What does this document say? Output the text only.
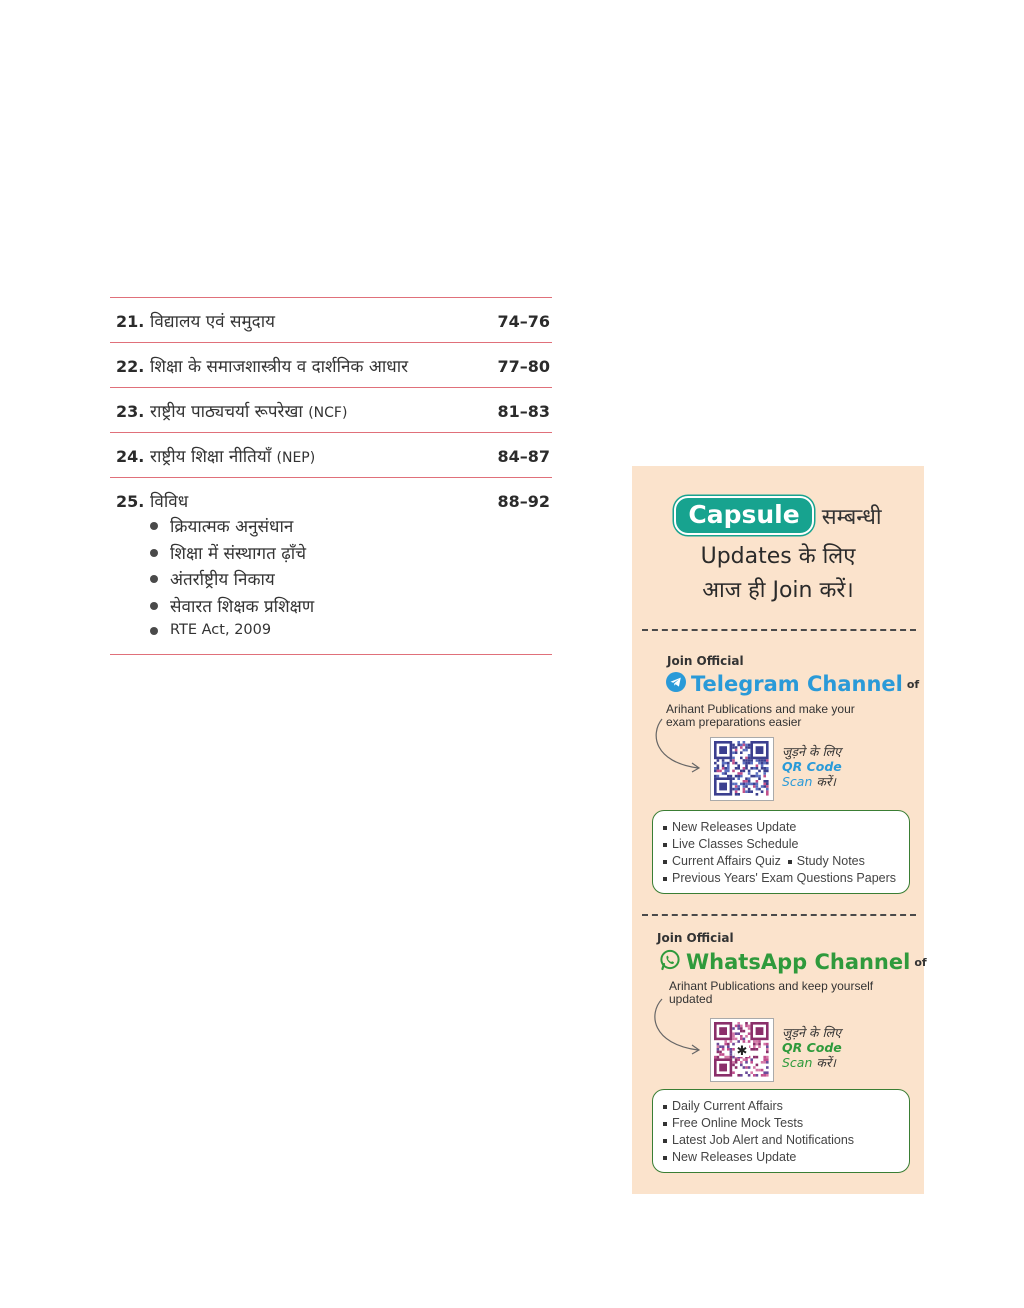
21. विद्यालय एवं समुदाय	74–76
22. शिक्षा के समाजशास्त्रीय व दार्शनिक आधार	77–80
23. राष्ट्रीय पाठ्यचर्या रूपरेखा (NCF)	81–83
24. राष्ट्रीय शिक्षा नीतियाँ (NEP)	84–87
25. विविध	88–92
क्रियात्मक अनुसंधान
शिक्षा में संस्थागत ढ़ाँचे
अंतर्राष्ट्रीय निकाय
सेवारत शिक्षक प्रशिक्षण
RTE Act, 2009
Capsule सम्बन्धी
Updates के लिए
आज ही Join करें।
Join Official
Telegram Channel of
Arihant Publications and make your exam preparations easier
जुड़ने के लिए
QR Code
Scan करें।
New Releases Update
Live Classes Schedule
Current Affairs Quiz Study Notes
Previous Years' Exam Questions Papers
Join Official
WhatsApp Channel of
Arihant Publications and keep yourself updated
✱
जुड़ने के लिए
QR Code
Scan करें।
Daily Current Affairs
Free Online Mock Tests
Latest Job Alert and Notifications
New Releases Update
